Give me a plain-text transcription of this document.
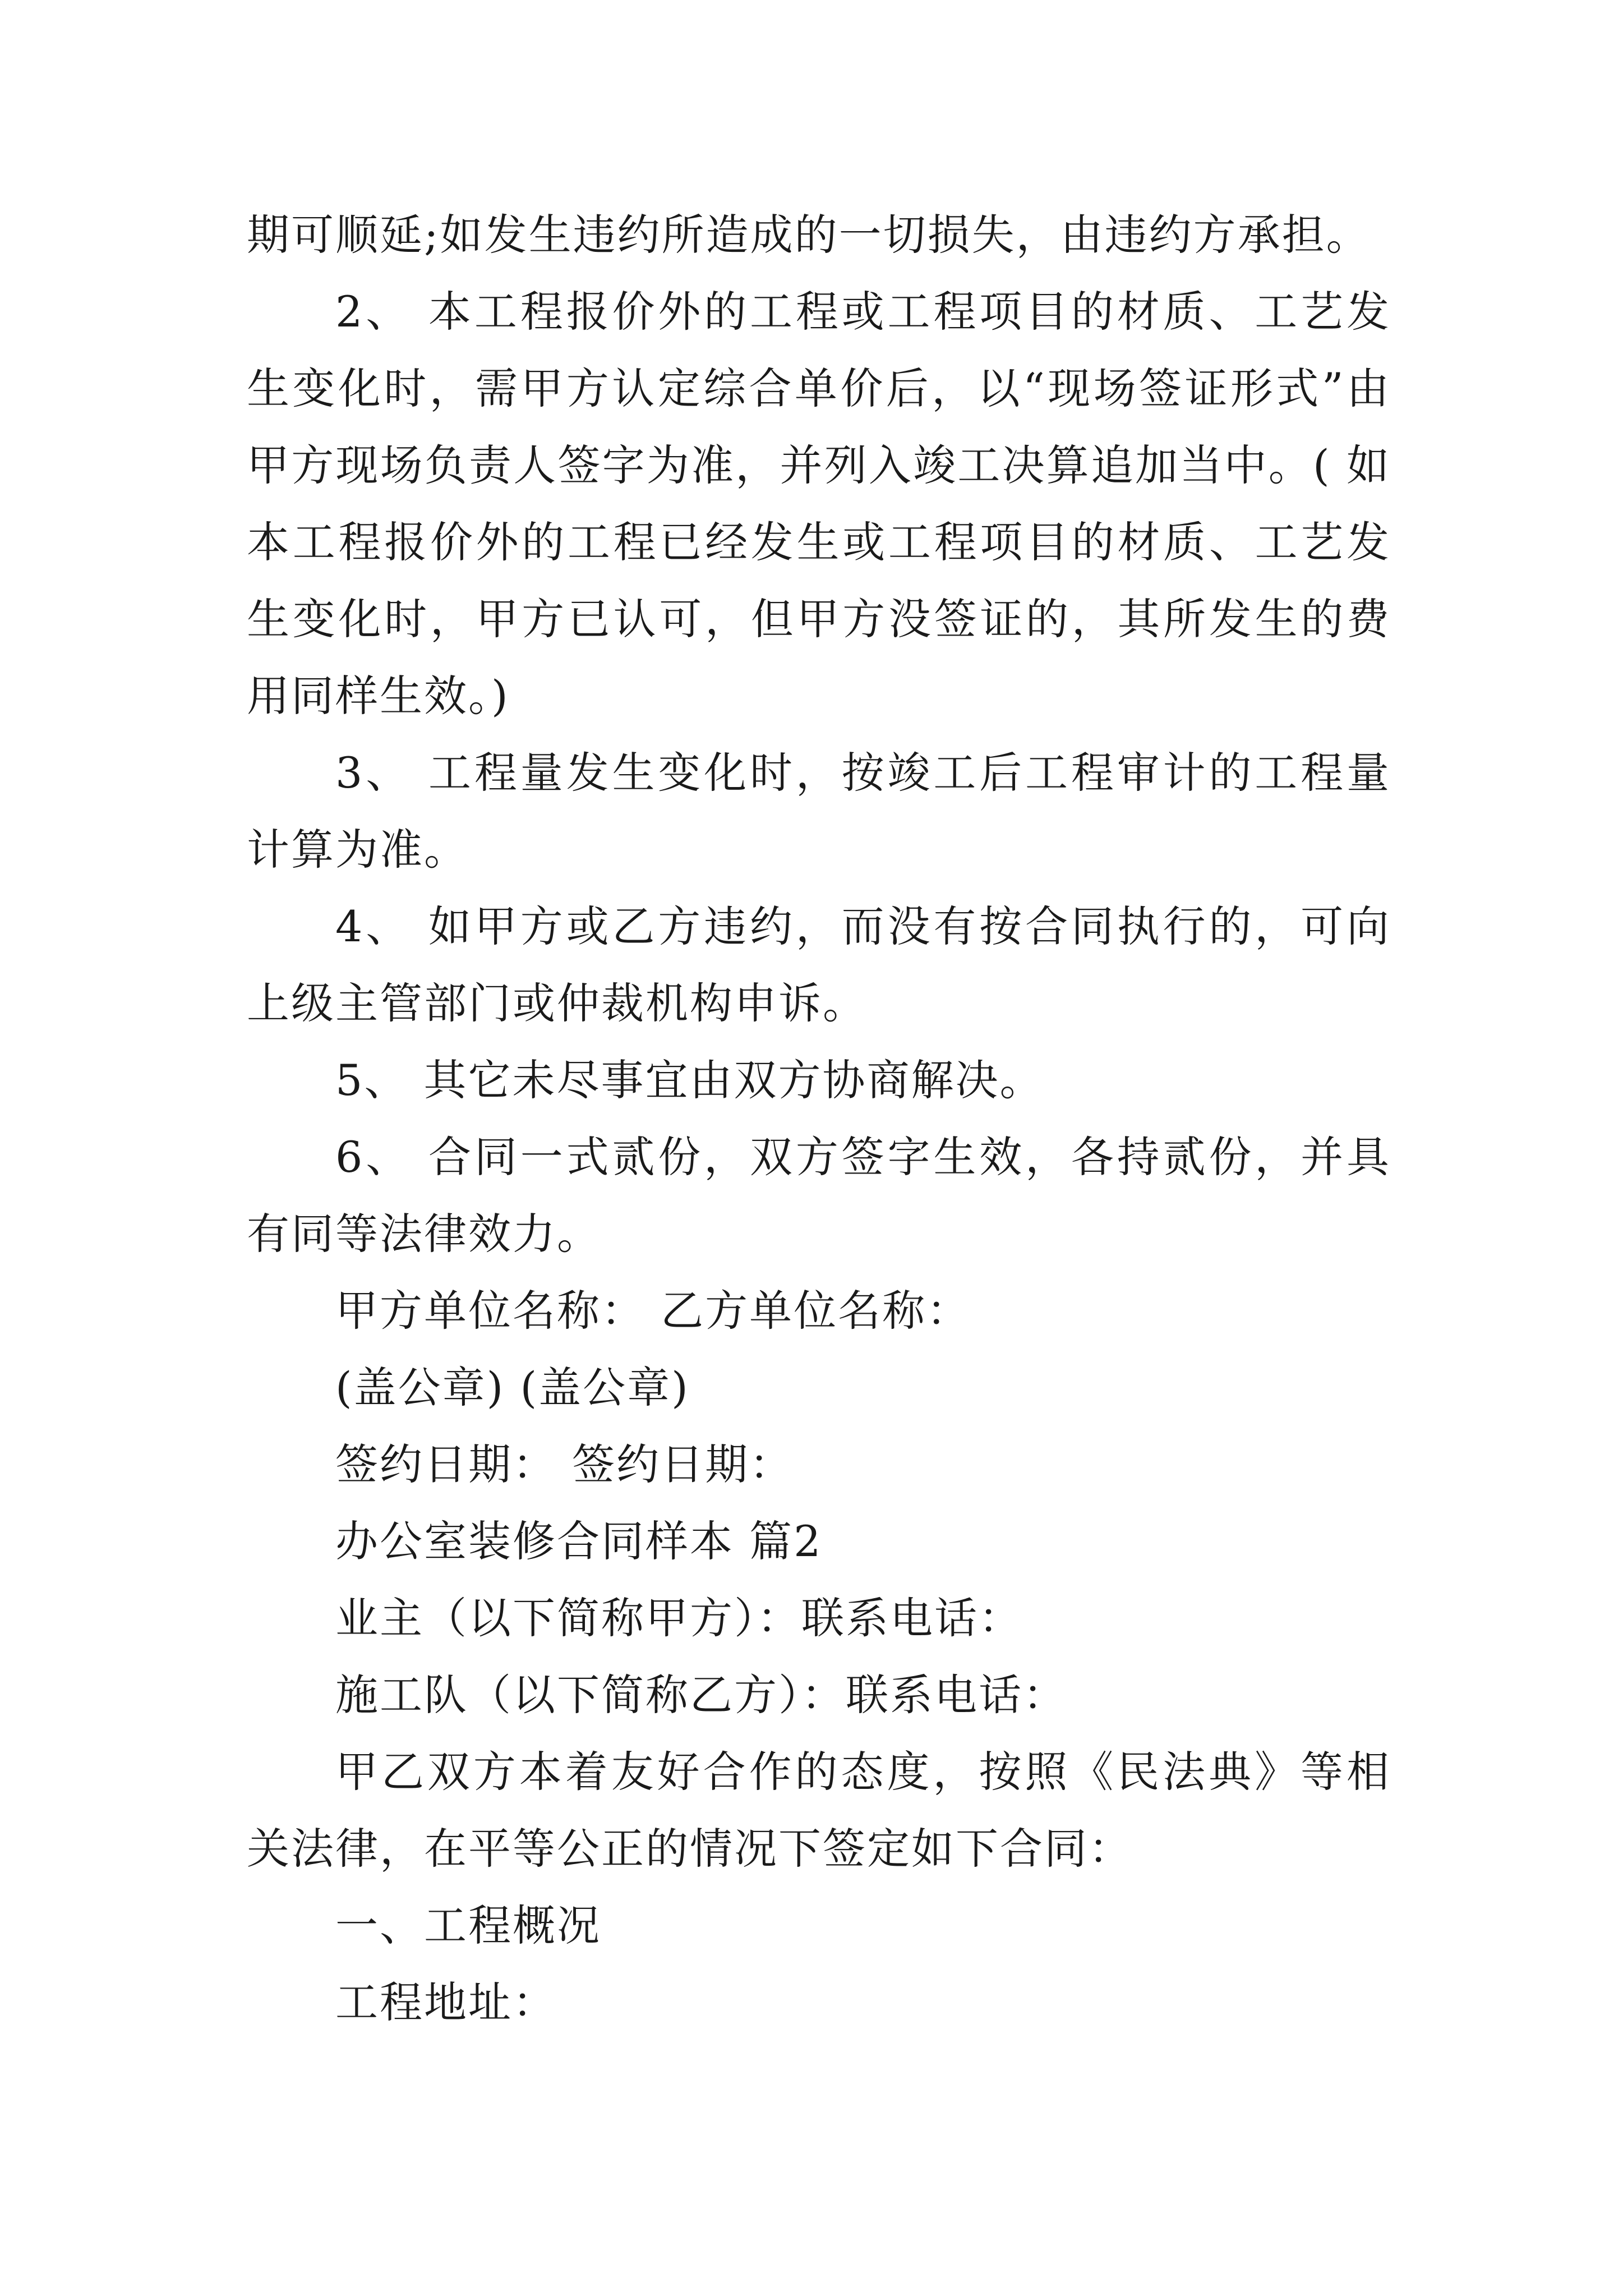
期可顺延;如发生违约所造成的一切损失，由违约方承担。

2、 本工程报价外的工程或工程项目的材质、工艺发生变化时，需甲方认定综合单价后，以“现场签证形式”由甲方现场负责人签字为准，并列入竣工决算追加当中。( 如本工程报价外的工程已经发生或工程项目的材质、工艺发生变化时，甲方已认可，但甲方没签证的，其所发生的费用同样生效。)

3、 工程量发生变化时，按竣工后工程审计的工程量计算为准。

4、 如甲方或乙方违约，而没有按合同执行的，可向上级主管部门或仲裁机构申诉。

5、 其它未尽事宜由双方协商解决。

6、 合同一式贰份，双方签字生效，各持贰份，并具有同等法律效力。

甲方单位名称： 乙方单位名称：

(盖公章) (盖公章)

签约日期： 签约日期：

办公室装修合同样本 篇2

业主（以下简称甲方）：联系电话：

施工队（以下简称乙方）：联系电话：

甲乙双方本着友好合作的态度，按照《民法典》等相关法律，在平等公正的情况下签定如下合同：

一、工程概况

工程地址：
